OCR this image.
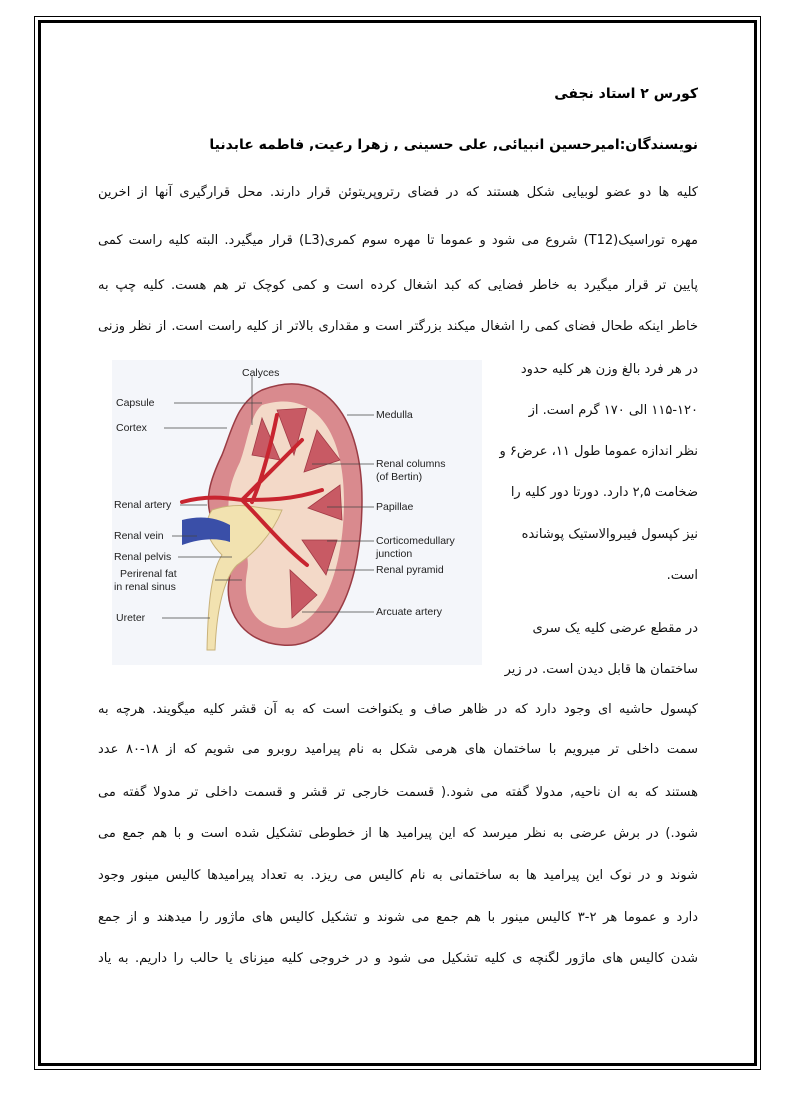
کورس ۲ استاد نجفی
نویسندگان:امیرحسین انبیائی, علی حسینی , زهرا رعیت, فاطمه عابدنیا
کلیه ها دو عضو لوبیایی شکل هستند که در فضای رتروپریتوئن قرار دارند. محل قرارگیری آنها از اخرین
مهره توراسیک(T12) شروع می شود و عموما تا مهره سوم کمری(L3) قرار میگیرد. البته کلیه راست کمی
پایین تر قرار میگیرد به خاطر فضایی که کبد اشغال کرده است و کمی کوچک تر هم هست. کلیه چپ به
خاطر اینکه طحال فضای کمی را اشغال میکند بزرگتر است و مقداری بالاتر از کلیه راست است. از نظر وزنی
در هر فرد بالغ وزن هر کلیه حدود
۱۱۵-۱۲۰ الی ۱۷۰ گرم است. از
نظر اندازه عموما طول ۱۱، عرض۶ و
ضخامت ۲,۵ دارد. دورتا دور کلیه را
نیز کپسول فیبروالاستیک پوشانده
است.
در مقطع عرضی کلیه یک سری
ساختمان ها قابل دیدن است. در زیر
کپسول حاشیه ای وجود دارد که در ظاهر صاف و یکنواخت است که به آن قشر کلیه میگویند. هرچه به
سمت داخلی تر میرویم با ساختمان های هرمی شکل به نام پیرامید روبرو می شویم که از ۱۸-۸۰ عدد
هستند که به ان ناحیه, مدولا گفته می شود.( قسمت خارجی تر قشر و قسمت داخلی تر مدولا گفته می
شود.) در برش عرضی به نظر میرسد که این پیرامید ها از خطوطی تشکیل شده است و با هم جمع می
شوند و در نوک این پیرامید ها به ساختمانی به نام کالیس می ریزد. به تعداد پیرامیدها کالیس مینور وجود
دارد و عموما هر ۲-۳ کالیس مینور با هم جمع می شوند و تشکیل کالیس های ماژور را میدهند و از جمع
شدن کالیس های ماژور لگنچه ی کلیه تشکیل می شود و در خروجی کلیه میزنای یا حالب را داریم. به یاد
Calyces
Capsule
Cortex
Renal artery
Renal vein
Renal pelvis
Perirenal fat
in renal sinus
Ureter
Medulla
Renal columns
(of Bertin)
Papillae
Corticomedullary
junction
Renal pyramid
Arcuate artery
